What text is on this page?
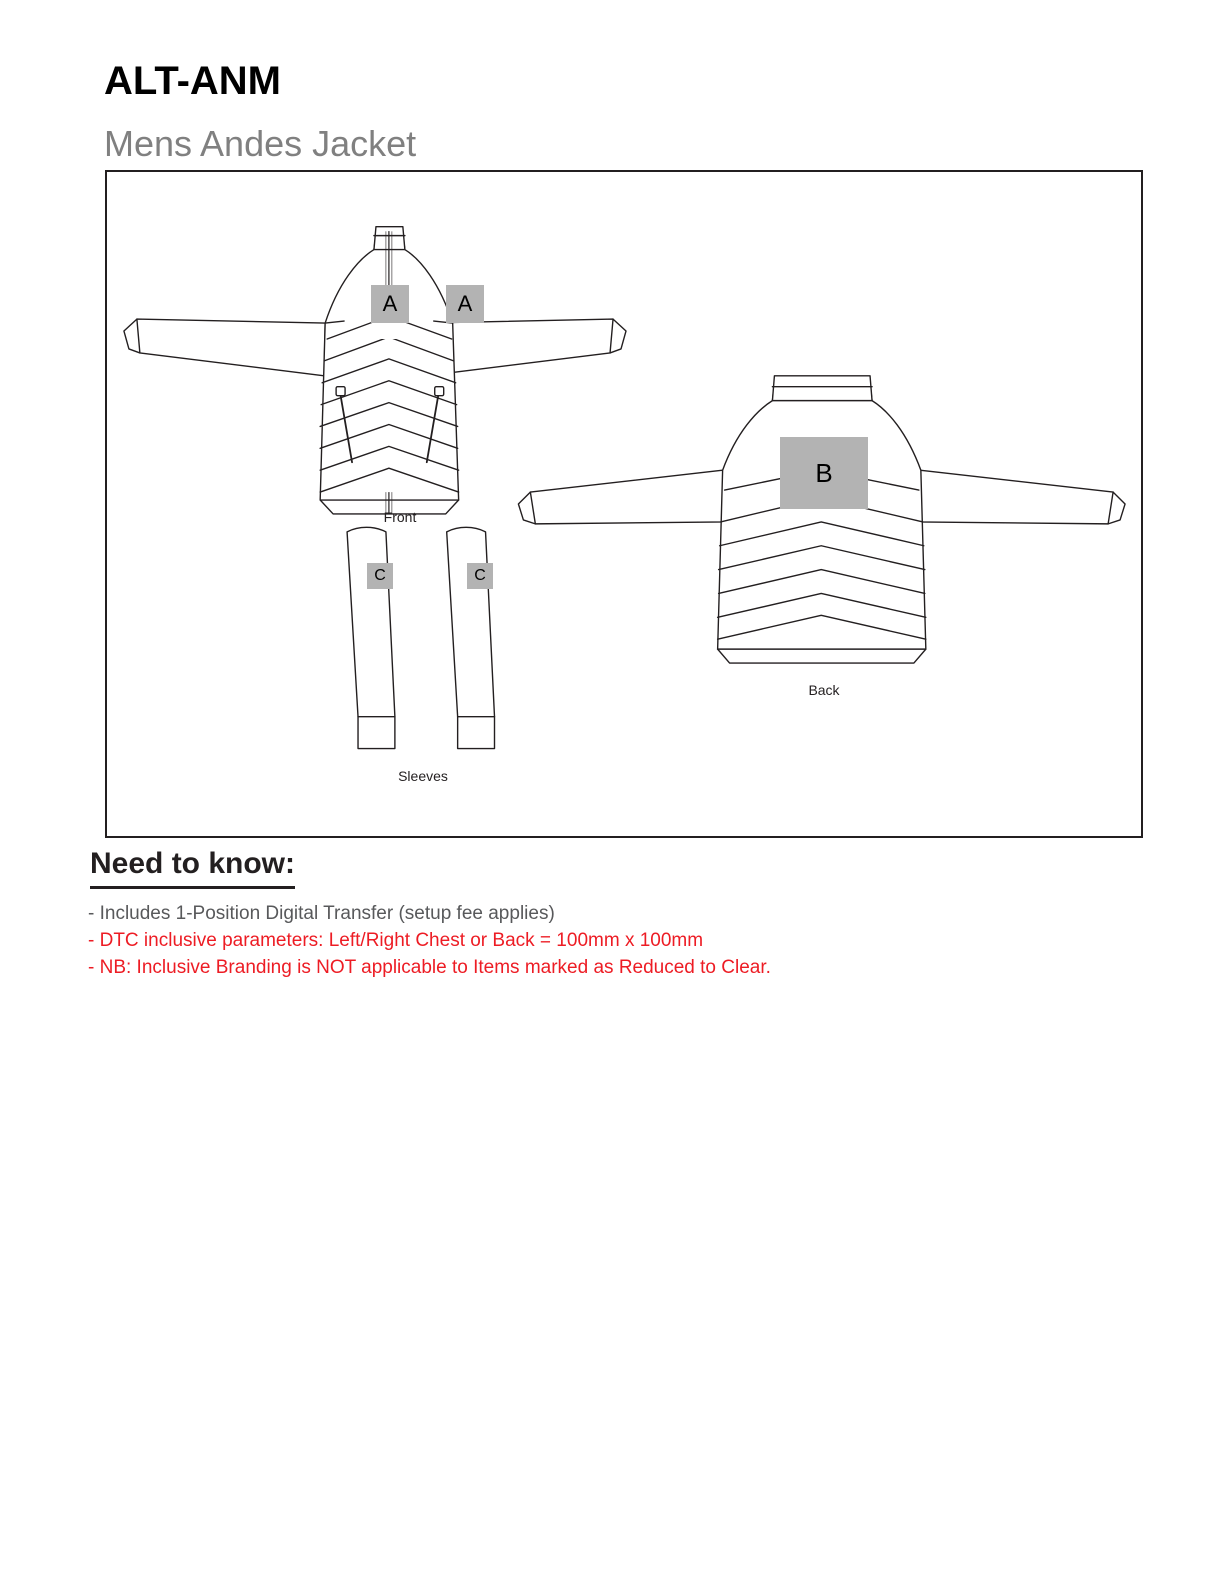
ALT-ANM
Mens Andes Jacket
A	A
B
C	C
Front
Back
Sleeves
Need to know:
- Includes 1-Position Digital Transfer (setup fee applies)
- DTC inclusive parameters: Left/Right Chest or Back = 100mm x 100mm
- NB: Inclusive Branding is NOT applicable to Items marked as Reduced to Clear.
